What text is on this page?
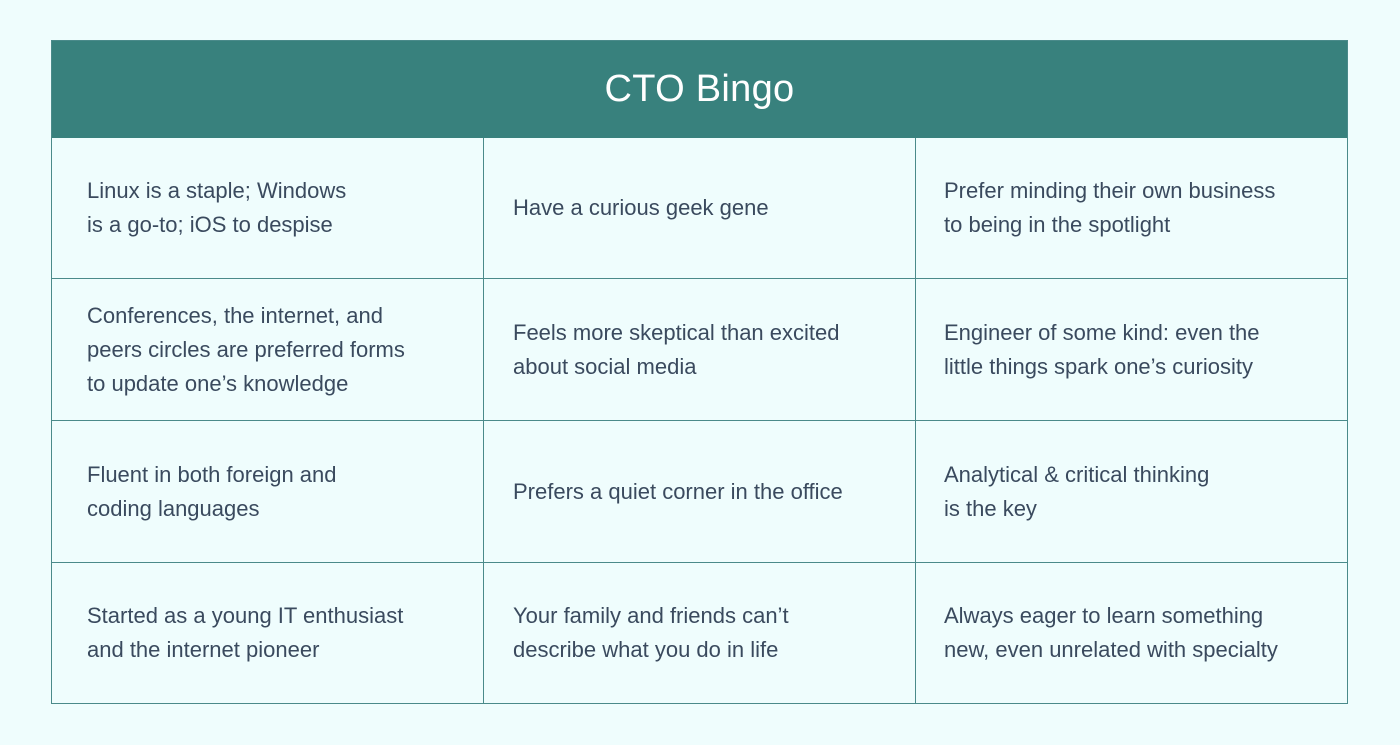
CTO Bingo
Linux is a staple; Windows
is a go-to; iOS to despise
Have a curious geek gene
Prefer minding their own business
to being in the spotlight
Conferences, the internet, and
peers circles are preferred forms
to update one’s knowledge
Feels more skeptical than excited
about social media
Engineer of some kind: even the
little things spark one’s curiosity
Fluent in both foreign and
coding languages
Prefers a quiet corner in the office
Analytical & critical thinking
is the key
Started as a young IT enthusiast
and the internet pioneer
Your family and friends can’t
describe what you do in life
Always eager to learn something
new, even unrelated with specialty
